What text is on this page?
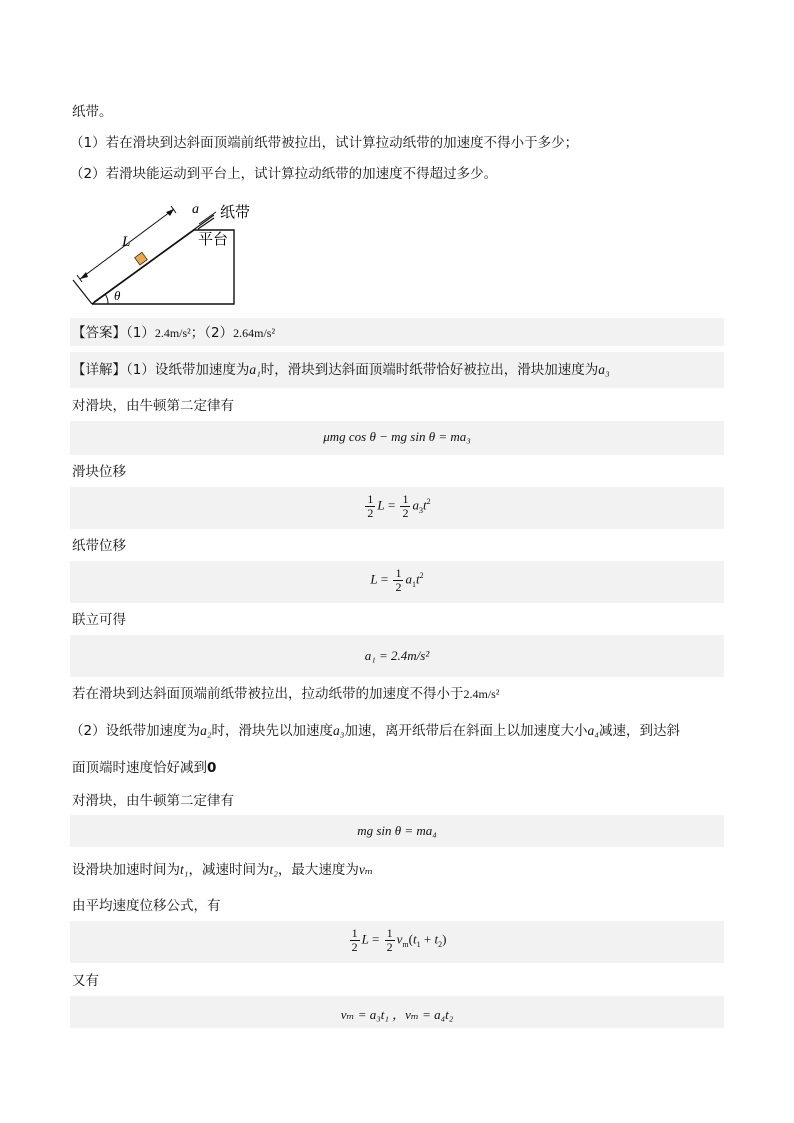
纸带。
（1）若在滑块到达斜面顶端前纸带被拉出，试计算拉动纸带的加速度不得小于多少；
（2）若滑块能运动到平台上，试计算拉动纸带的加速度不得超过多少。
a 纸带
L	平台
θ
【答案】（1）2.4m/s²；（2）2.64m/s²
【详解】（1）设纸带加速度为a₁时，滑块到达斜面顶端时纸带恰好被拉出，滑块加速度为a₃
对滑块，由牛顿第二定律有
μmg cos θ − mg sin θ = ma₃
滑块位移
$\frac{1}{2}$ $L = \frac{1}{2} a_3t^2$
纸带位移
$L = \frac{1}{2} a_1t^2$
联立可得
a₁ = 2.4m/s²
若在滑块到达斜面顶端前纸带被拉出，拉动纸带的加速度不得小于2.4m/s²
（2）设纸带加速度为a₂时，滑块先以加速度a₃加速，离开纸带后在斜面上以加速度大小a₄减速，到达斜
面顶端时速度恰好减到0
对滑块，由牛顿第二定律有
mg sin θ = ma₄
设滑块加速时间为t₁，减速时间为t₂，最大速度为vₘ
由平均速度位移公式，有
$\frac{1}{2}$ $L = \frac{1}{2} v_m(t_1 + t_2)$
又有
vₘ = a₃t₁ ，vₘ = a₄t₂
